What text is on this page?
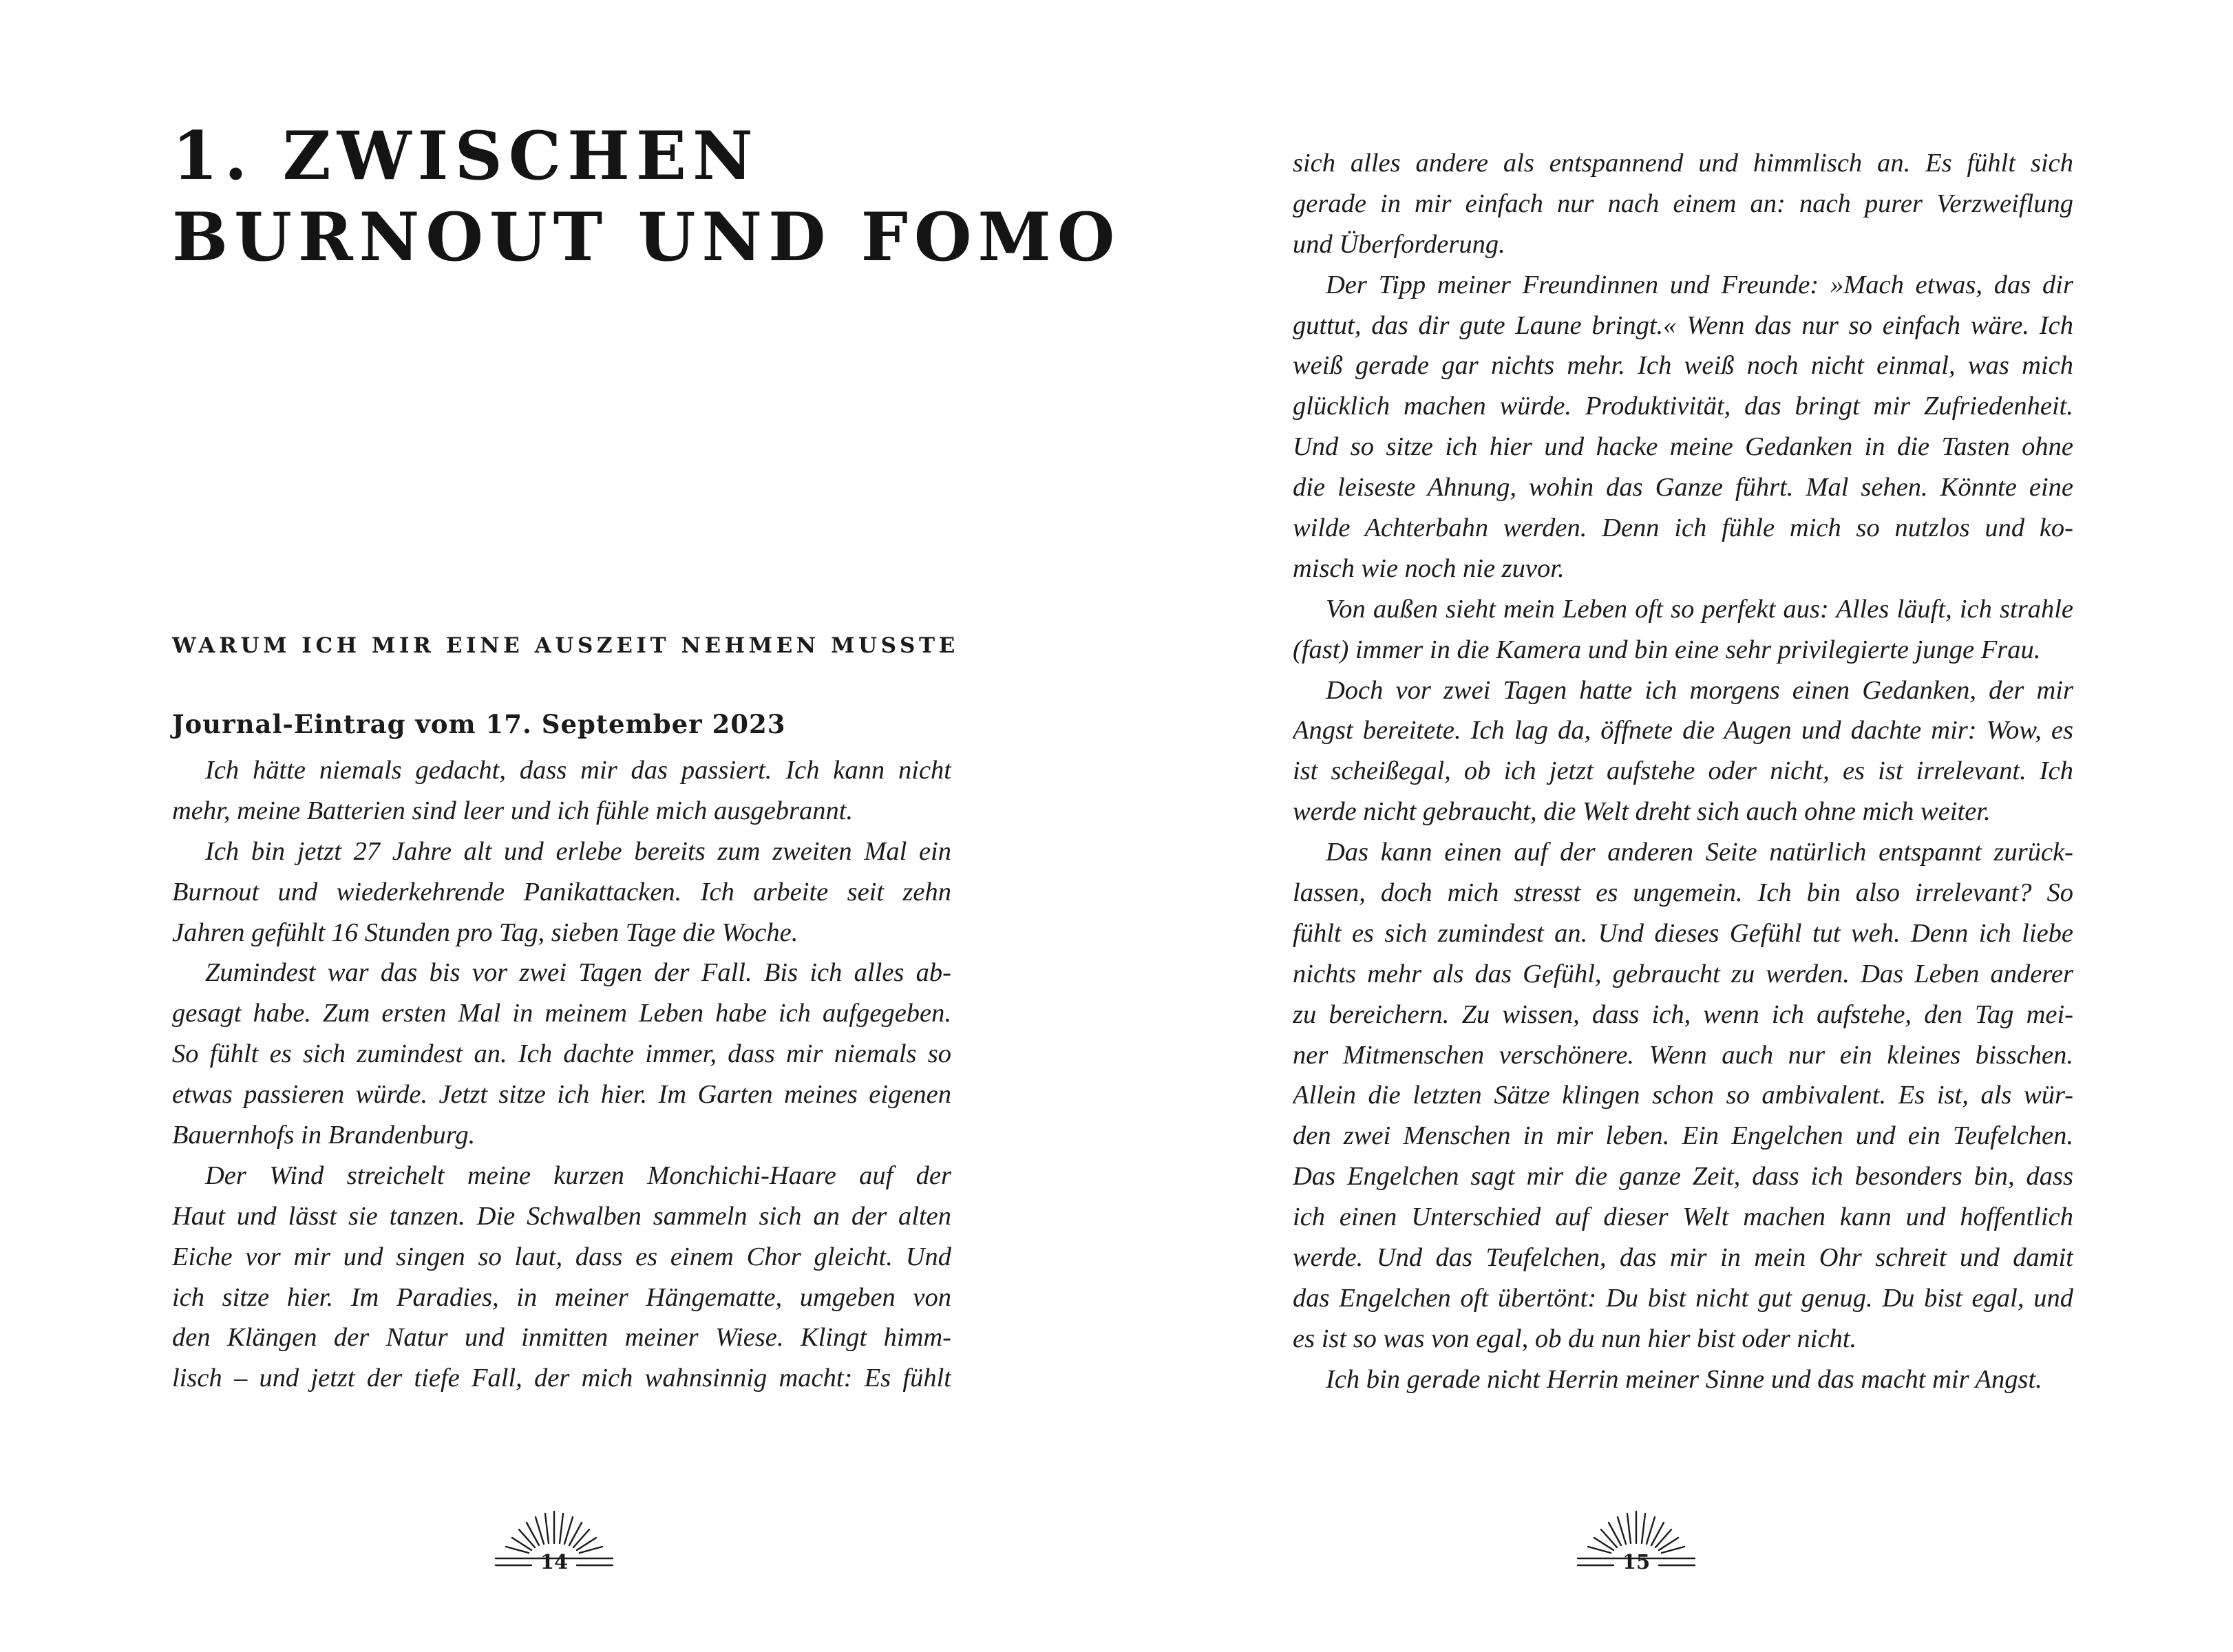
1. ZWISCHEN
BURNOUT UND FOMO
WARUM ICH MIR EINE AUSZEIT NEHMEN MUSSTE
Journal-Eintrag vom 17. September 2023
Ich hätte niemals gedacht, dass mir das passiert. Ich kann nicht
mehr, meine Batterien sind leer und ich fühle mich ausgebrannt.
Ich bin jetzt 27 Jahre alt und erlebe bereits zum zweiten Mal ein
Burnout und wiederkehrende Panikattacken. Ich arbeite seit zehn
Jahren gefühlt 16 Stunden pro Tag, sieben Tage die Woche.
Zumindest war das bis vor zwei Tagen der Fall. Bis ich alles ab-
gesagt habe. Zum ersten Mal in meinem Leben habe ich aufgegeben.
So fühlt es sich zumindest an. Ich dachte immer, dass mir niemals so
etwas passieren würde. Jetzt sitze ich hier. Im Garten meines eigenen
Bauernhofs in Brandenburg.
Der Wind streichelt meine kurzen Monchichi-Haare auf der
Haut und lässt sie tanzen. Die Schwalben sammeln sich an der alten
Eiche vor mir und singen so laut, dass es einem Chor gleicht. Und
ich sitze hier. Im Paradies, in meiner Hängematte, umgeben von
den Klängen der Natur und inmitten meiner Wiese. Klingt himm-
lisch – und jetzt der tiefe Fall, der mich wahnsinnig macht: Es fühlt
14
sich alles andere als entspannend und himmlisch an. Es fühlt sich
gerade in mir einfach nur nach einem an: nach purer Verzweiflung
und Überforderung.
Der Tipp meiner Freundinnen und Freunde: »Mach etwas, das dir
guttut, das dir gute Laune bringt.« Wenn das nur so einfach wäre. Ich
weiß gerade gar nichts mehr. Ich weiß noch nicht einmal, was mich
glücklich machen würde. Produktivität, das bringt mir Zufriedenheit.
Und so sitze ich hier und hacke meine Gedanken in die Tasten ohne
die leiseste Ahnung, wohin das Ganze führt. Mal sehen. Könnte eine
wilde Achterbahn werden. Denn ich fühle mich so nutzlos und ko-
misch wie noch nie zuvor.
Von außen sieht mein Leben oft so perfekt aus: Alles läuft, ich strahle
(fast) immer in die Kamera und bin eine sehr privilegierte junge Frau.
Doch vor zwei Tagen hatte ich morgens einen Gedanken, der mir
Angst bereitete. Ich lag da, öffnete die Augen und dachte mir: Wow, es
ist scheißegal, ob ich jetzt aufstehe oder nicht, es ist irrelevant. Ich
werde nicht gebraucht, die Welt dreht sich auch ohne mich weiter.
Das kann einen auf der anderen Seite natürlich entspannt zurück-
lassen, doch mich stresst es ungemein. Ich bin also irrelevant? So
fühlt es sich zumindest an. Und dieses Gefühl tut weh. Denn ich liebe
nichts mehr als das Gefühl, gebraucht zu werden. Das Leben anderer
zu bereichern. Zu wissen, dass ich, wenn ich aufstehe, den Tag mei-
ner Mitmenschen verschönere. Wenn auch nur ein kleines bisschen.
Allein die letzten Sätze klingen schon so ambivalent. Es ist, als wür-
den zwei Menschen in mir leben. Ein Engelchen und ein Teufelchen.
Das Engelchen sagt mir die ganze Zeit, dass ich besonders bin, dass
ich einen Unterschied auf dieser Welt machen kann und hoffentlich
werde. Und das Teufelchen, das mir in mein Ohr schreit und damit
das Engelchen oft übertönt: Du bist nicht gut genug. Du bist egal, und
es ist so was von egal, ob du nun hier bist oder nicht.
Ich bin gerade nicht Herrin meiner Sinne und das macht mir Angst.
15
